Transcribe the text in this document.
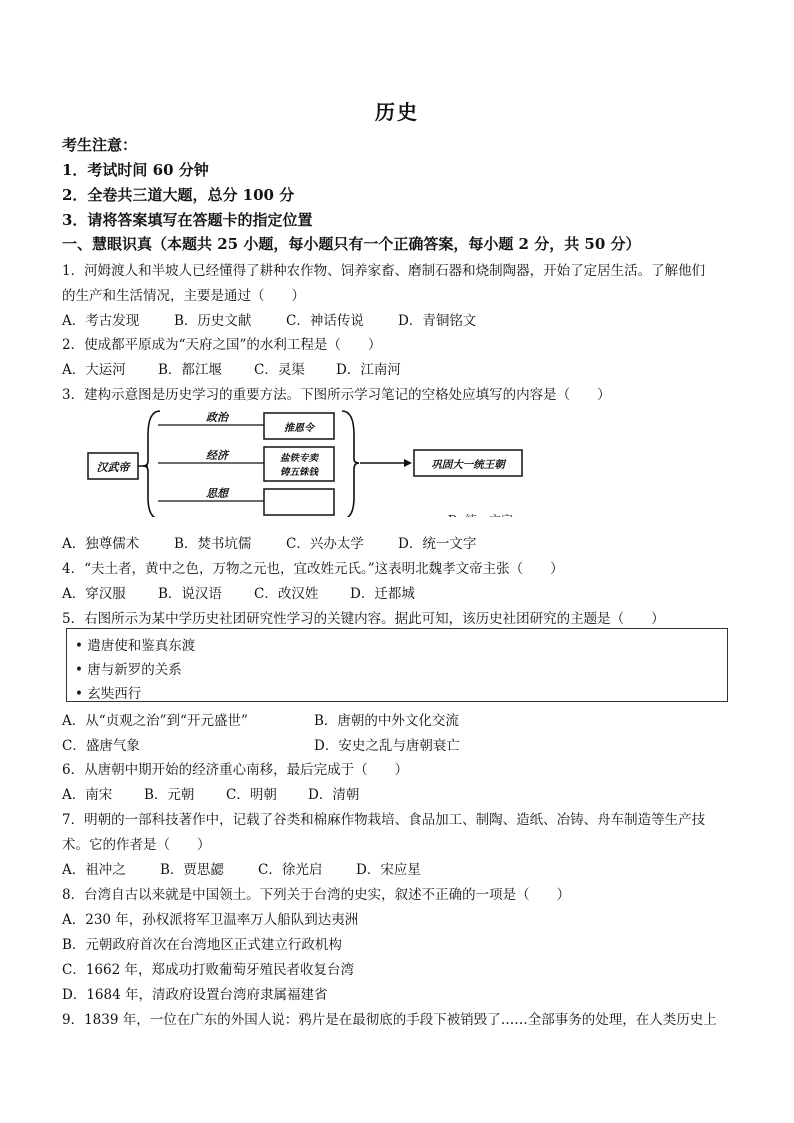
历史
考生注意：
1．考试时间 60 分钟
2．全卷共三道大题，总分 100 分
3．请将答案填写在答题卡的指定位置
一、慧眼识真（本题共 25 小题，每小题只有一个正确答案，每小题 2 分，共 50 分）
1．河姆渡人和半坡人已经懂得了耕种农作物、饲养家畜、磨制石器和烧制陶器，开始了定居生活。了解他们
的生产和生活情况，主要是通过（　　）
A．考古发现	B．历史文献	C．神话传说	D．青铜铭文
2．使成都平原成为“天府之国”的水利工程是（　　）
A．大运河 B．都江堰 C．灵渠 D．江南河
3．建构示意图是历史学习的重要方法。下图所示学习笔记的空格处应填写的内容是（　　）
汉武帝
政治
经济
思想
推恩令
盐铁专卖
铸五铢钱
巩固大一统王朝
A．独尊儒术	B．焚书坑儒	C．兴办太学	D．统一文字
4．“夫土者，黄中之色，万物之元也，宜改姓元氏。”这表明北魏孝文帝主张（　　）
A．穿汉服 B．说汉语 C．改汉姓 D．迁都城
5．右图所示为某中学历史社团研究性学习的关键内容。据此可知，该历史社团研究的主题是（　　）
• 遣唐使和鉴真东渡
• 唐与新罗的关系
• 玄奘西行
A．从“贞观之治”到“开元盛世”	B．唐朝的中外文化交流
C．盛唐气象	D．安史之乱与唐朝衰亡
6．从唐朝中期开始的经济重心南移，最后完成于（　　）
A．南宋 B．元朝 C．明朝 D．清朝
7．明朝的一部科技著作中，记载了谷类和棉麻作物栽培、食品加工、制陶、造纸、冶铸、舟车制造等生产技
术。它的作者是（　　）
A．祖冲之	B．贾思勰	C．徐光启 D．宋应星
8．台湾自古以来就是中国领土。下列关于台湾的史实，叙述不正确的一项是（　　）
A．230 年，孙权派将军卫温率万人船队到达夷洲
B．元朝政府首次在台湾地区正式建立行政机构
C．1662 年，郑成功打败葡萄牙殖民者收复台湾
D．1684 年，清政府设置台湾府隶属福建省
9．1839 年，一位在广东的外国人说：鸦片是在最彻底的手段下被销毁了……全部事务的处理，在人类历史上
